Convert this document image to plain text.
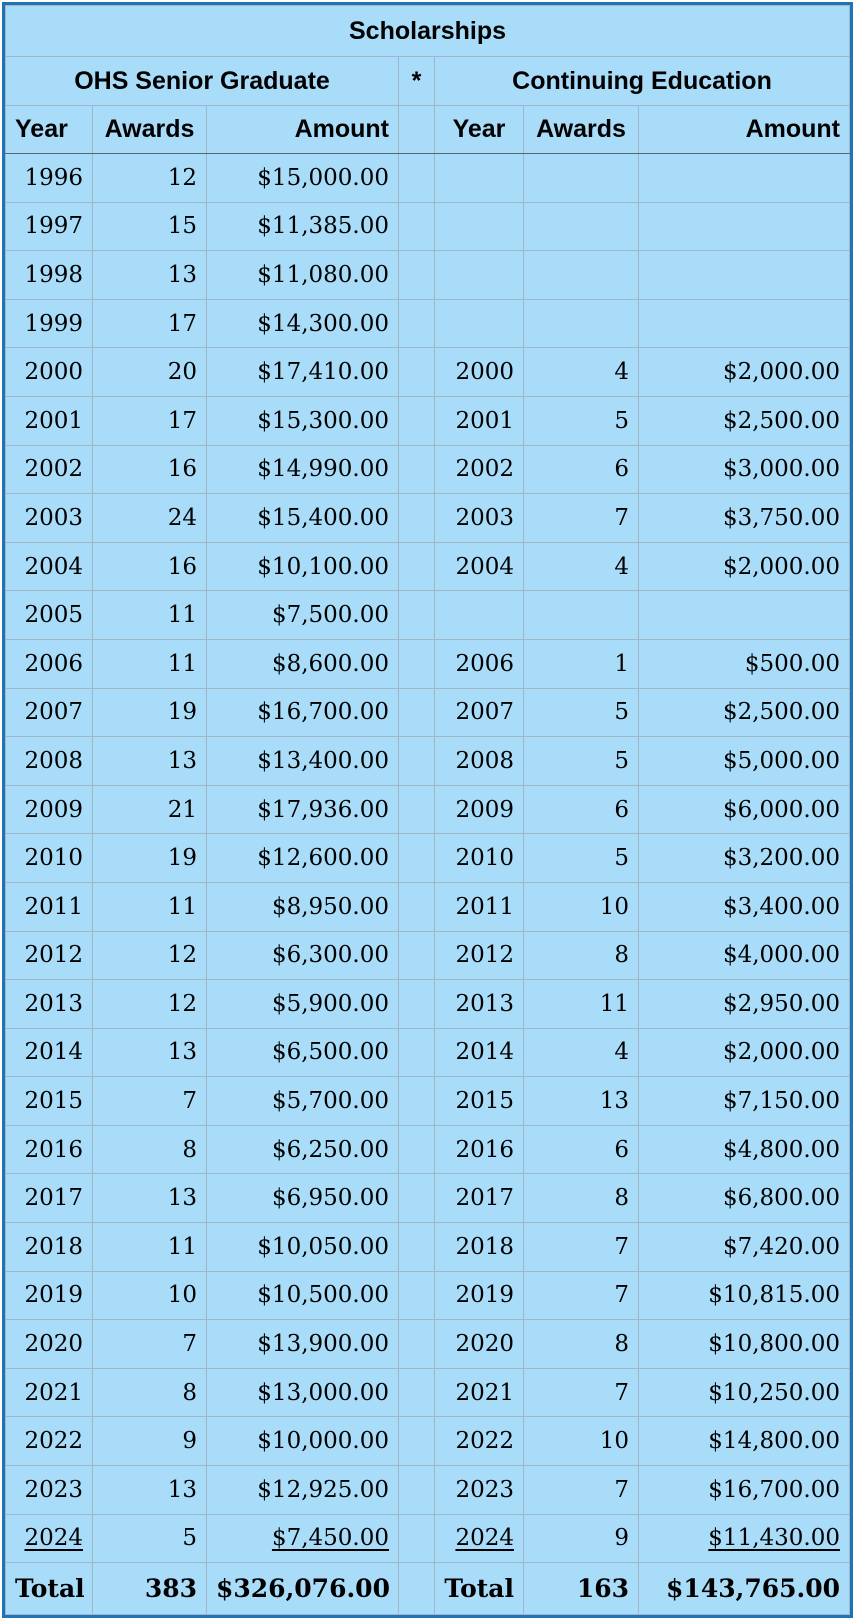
Scholarships						
OHS Senior Graduate			*	Continuing Education		
Year	Awards	Amount		Year	Awards	Amount
1996	12	$15,000.00				
1997	15	$11,385.00				
1998	13	$11,080.00				
1999	17	$14,300.00				
2000	20	$17,410.00		2000	4	$2,000.00
2001	17	$15,300.00		2001	5	$2,500.00
2002	16	$14,990.00		2002	6	$3,000.00
2003	24	$15,400.00		2003	7	$3,750.00
2004	16	$10,100.00		2004	4	$2,000.00
2005	11	$7,500.00				
2006	11	$8,600.00		2006	1	$500.00
2007	19	$16,700.00		2007	5	$2,500.00
2008	13	$13,400.00		2008	5	$5,000.00
2009	21	$17,936.00		2009	6	$6,000.00
2010	19	$12,600.00		2010	5	$3,200.00
2011	11	$8,950.00		2011	10	$3,400.00
2012	12	$6,300.00		2012	8	$4,000.00
2013	12	$5,900.00		2013	11	$2,950.00
2014	13	$6,500.00		2014	4	$2,000.00
2015	7	$5,700.00		2015	13	$7,150.00
2016	8	$6,250.00		2016	6	$4,800.00
2017	13	$6,950.00		2017	8	$6,800.00
2018	11	$10,050.00		2018	7	$7,420.00
2019	10	$10,500.00		2019	7	$10,815.00
2020	7	$13,900.00		2020	8	$10,800.00
2021	8	$13,000.00		2021	7	$10,250.00
2022	9	$10,000.00		2022	10	$14,800.00
2023	13	$12,925.00		2023	7	$16,700.00
2024	5	$7,450.00		2024	9	$11,430.00
Total	383	$326,076.00		Total	163	$143,765.00
